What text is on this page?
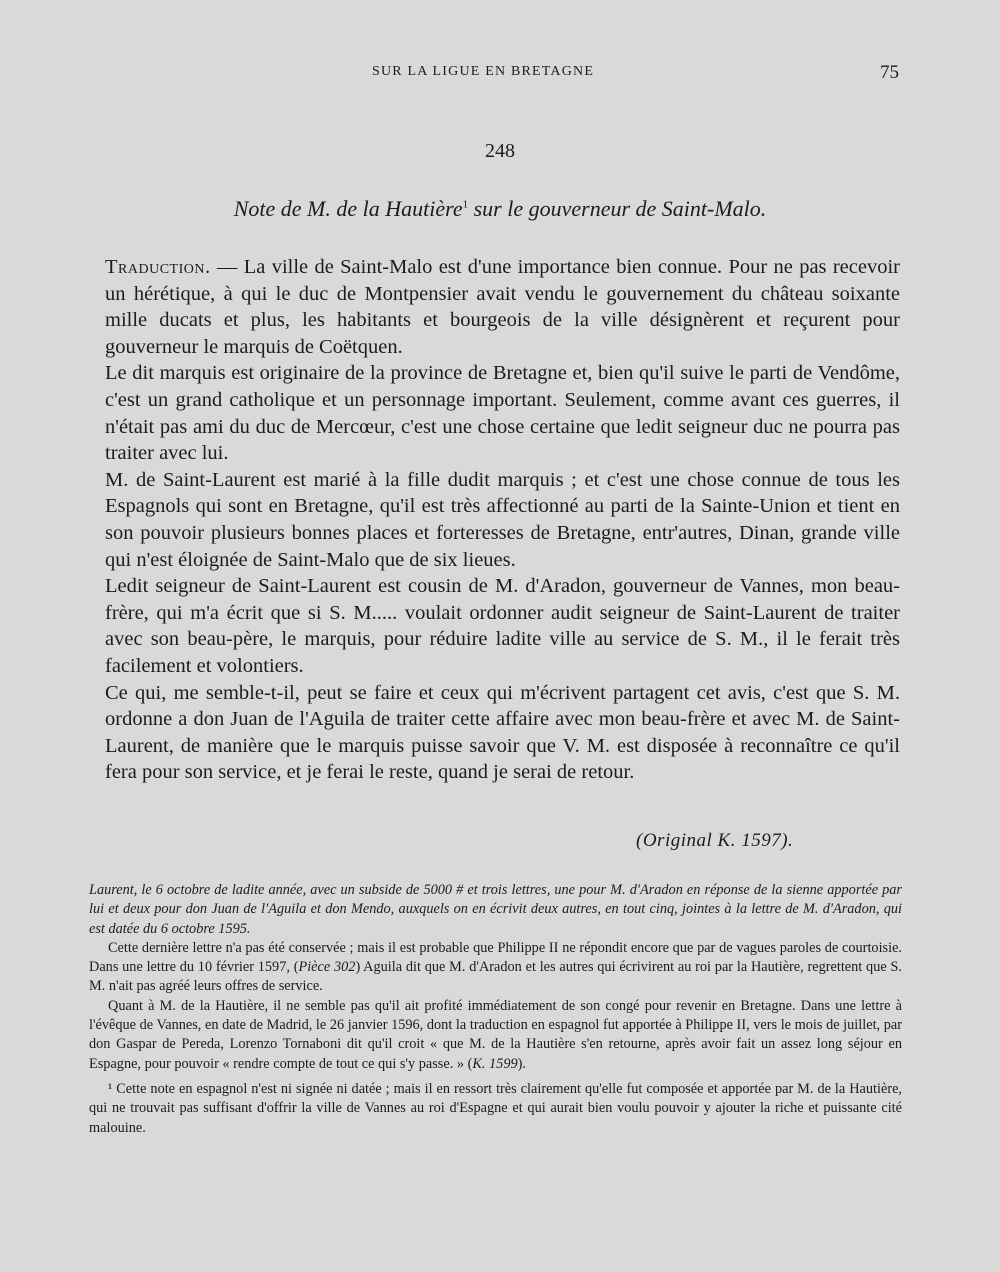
SUR LA LIGUE EN BRETAGNE	75
248
Note de M. de la Hautière$^1$ sur le gouverneur de Saint-Malo.

Traduction. — La ville de Saint-Malo est d'une importance bien connue. Pour ne pas recevoir un hérétique, à qui le duc de Montpensier avait vendu le gouvernement du château soixante mille ducats et plus, les habitants et bourgeois de la ville désignèrent et reçurent pour gouverneur le marquis de Coëtquen.

Le dit marquis est originaire de la province de Bretagne et, bien qu'il suive le parti de Vendôme, c'est un grand catholique et un personnage important. Seulement, comme avant ces guerres, il n'était pas ami du duc de Mercœur, c'est une chose certaine que ledit seigneur duc ne pourra pas traiter avec lui.

M. de Saint-Laurent est marié à la fille dudit marquis ; et c'est une chose connue de tous les Espagnols qui sont en Bretagne, qu'il est très affectionné au parti de la Sainte-Union et tient en son pouvoir plusieurs bonnes places et forteresses de Bretagne, entr'autres, Dinan, grande ville qui n'est éloignée de Saint-Malo que de six lieues.

Ledit seigneur de Saint-Laurent est cousin de M. d'Aradon, gouverneur de Vannes, mon beau-frère, qui m'a écrit que si S. M..... voulait ordonner audit seigneur de Saint-Laurent de traiter avec son beau-père, le marquis, pour réduire ladite ville au service de S. M., il le ferait très facilement et volontiers.

Ce qui, me semble-t-il, peut se faire et ceux qui m'écrivent partagent cet avis, c'est que S. M. ordonne a don Juan de l'Aguila de traiter cette affaire avec mon beau-frère et avec M. de Saint-Laurent, de manière que le marquis puisse savoir que V. M. est disposée à reconnaître ce qu'il fera pour son service, et je ferai le reste, quand je serai de retour.

(Original K. 1597).

Laurent, le 6 octobre de ladite année, avec un subside de 5000 # et trois lettres, une pour M. d'Aradon en réponse de la sienne apportée par lui et deux pour don Juan de l'Aguila et don Mendo, auxquels on en écrivit deux autres, en tout cinq, jointes à la lettre de M. d'Aradon, qui est datée du 6 octobre 1595.

Cette dernière lettre n'a pas été conservée ; mais il est probable que Philippe II ne répondit encore que par de vagues paroles de courtoisie. Dans une lettre du 10 février 1597, (Pièce 302) Aguila dit que M. d'Aradon et les autres qui écrivirent au roi par la Hautière, regrettent que S. M. n'ait pas agréé leurs offres de service.

Quant à M. de la Hautière, il ne semble pas qu'il ait profité immédiatement de son congé pour revenir en Bretagne. Dans une lettre à l'évêque de Vannes, en date de Madrid, le 26 janvier 1596, dont la traduction en espagnol fut apportée à Philippe II, vers le mois de juillet, par don Gaspar de Pereda, Lorenzo Tornaboni dit qu'il croit « que M. de la Hautière s'en retourne, après avoir fait un assez long séjour en Espagne, pour pouvoir « rendre compte de tout ce qui s'y passe. » (K. 1599).

¹ Cette note en espagnol n'est ni signée ni datée ; mais il en ressort très clairement qu'elle fut composée et apportée par M. de la Hautière, qui ne trouvait pas suffisant d'offrir la ville de Vannes au roi d'Espagne et qui aurait bien voulu pouvoir y ajouter la riche et puissante cité malouine.
